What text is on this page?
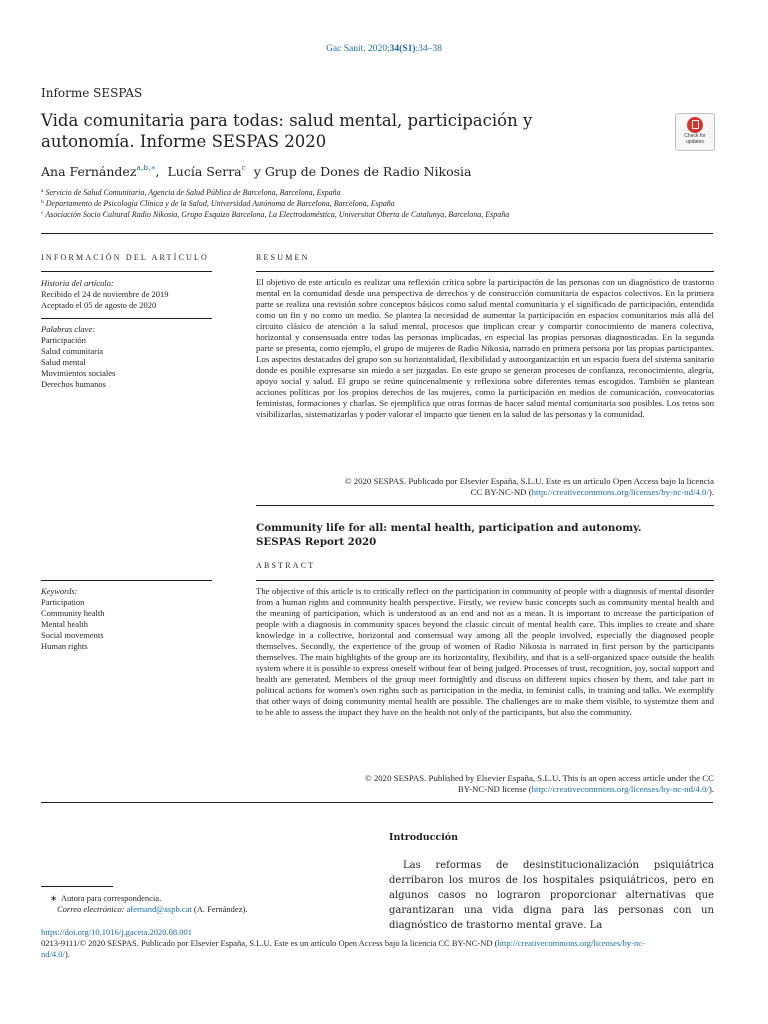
Gac Sanit. 2020;34(S1):34–38
Informe SESPAS
Vida comunitaria para todas: salud mental, participación y autonomía. Informe SESPAS 2020	Check for
updates
Ana Fernández$^{a,b,∗}$, Lucía Serra$^c$ y Grup de Dones de Radio Nikosia
$^a$ Servicio de Salud Comunitaria, Agencia de Salud Pública de Barcelona, Barcelona, España
$^b$ Departamento de Psicología Clínica y de la Salud, Universidad Autónoma de Barcelona, Barcelona, España
$^c$ Asociación Socio Cultural Radio Nikosia, Grupo Esquizo Barcelona, La Electrodoméstica, Universitat Oberta de Catalunya, Barcelona, España
INFORMACIÓN DEL ARTÍCULO
Historia del artículo:
Recibido el 24 de noviembre de 2019
Aceptado el 05 de agosto de 2020
Palabras clave:
Participación
Salud comunitaria
Salud mental
Movimientos sociales
Derechos humanos
RESUMEN
El objetivo de este artículo es realizar una reflexión crítica sobre la participación de las personas con un diagnóstico de trastorno mental en la comunidad desde una perspectiva de derechos y de construcción comunitaria de espacios colectivos. En la primera parte se realiza una revisión sobre conceptos básicos como salud mental comunitaria y el significado de participación, entendida como un fin y no como un medio. Se plantea la necesidad de aumentar la participación en espacios comunitarios más allá del circuito clásico de atención a la salud mental, procesos que implican crear y compartir conocimiento de manera colectiva, horizontal y consensuada entre todas las personas implicadas, en especial las propias personas diagnosticadas. En la segunda parte se presenta, como ejemplo, el grupo de mujeres de Radio Nikosia, narrado en primera persona por las propias participantes. Los aspectos destacados del grupo son su horizontalidad, flexibilidad y autoorganización en un espacio fuera del sistema sanitario donde es posible expresarse sin miedo a ser juzgadas. En este grupo se generan procesos de confianza, reconocimiento, alegría, apoyo social y salud. El grupo se reúne quincenalmente y reflexiona sobre diferentes temas escogidos. También se plantean acciones políticas por los propios derechos de las mujeres, como la participación en medios de comunicación, convocatorias feministas, formaciones y charlas. Se ejemplifica que otras formas de hacer salud mental comunitaria son posibles. Los retos son visibilizarlas, sistematizarlas y poder valorar el impacto que tienen en la salud de las personas y la comunidad.
© 2020 SESPAS. Publicado por Elsevier España, S.L.U. Este es un artículo Open Access bajo la licencia
CC BY-NC-ND (http://creativecommons.org/licenses/by-nc-nd/4.0/).
Community life for all: mental health, participation and autonomy.
SESPAS Report 2020
ABSTRACT
Keywords:
Participation
Community health
Mental health
Social movements
Human rights
The objective of this article is to critically reflect on the participation in community of people with a diagnosis of mental disorder from a human rights and community health perspective. Firstly, we review basic concepts such as community mental health and the meaning of participation, which is understood as an end and not as a mean. It is important to increase the participation of people with a diagnosis in community spaces beyond the classic circuit of mental health care. This implies to create and share knowledge in a collective, horizontal and consensual way among all the people involved, especially the diagnosed people themselves. Secondly, the experience of the group of women of Radio Nikosia is narrated in first person by the participants themselves. The main highlights of the group are its horizontality, flexibility, and that is a self-organized space outside the health system where it is possible to express oneself without fear of being judged. Processes of trust, recognition, joy, social support and health are generated. Members of the group meet fortnightly and discuss on different topics chosen by them, and take part in political actions for women's own rights such as participation in the media, in feminist calls, in training and talks. We exemplify that other ways of doing community mental health are possible. The challenges are to make them visible, to systemize them and to be able to assess the impact they have on the health not only of the participants, but also the community.
© 2020 SESPAS. Published by Elsevier España, S.L.U. This is an open access article under the CC
BY-NC-ND license (http://creativecommons.org/licenses/by-nc-nd/4.0/).
Introducción
Las reformas de desinstitucionalización psiquiátrica derribaron los muros de los hospitales psiquiátricos, pero en algunos casos no lograron proporcionar alternativas que garantizaran una vida digna para las personas con un diagnóstico de trastorno mental grave. La
∗ Autora para correspondencia.
Correo electrónico: afernand@aspb.cat (A. Fernández).
https://doi.org/10.1016/j.gaceta.2020.08.001
0213-9111/© 2020 SESPAS. Publicado por Elsevier España, S.L.U. Este es un artículo Open Access bajo la licencia CC BY-NC-ND (http://creativecommons.org/licenses/by-nc-
nd/4.0/).
